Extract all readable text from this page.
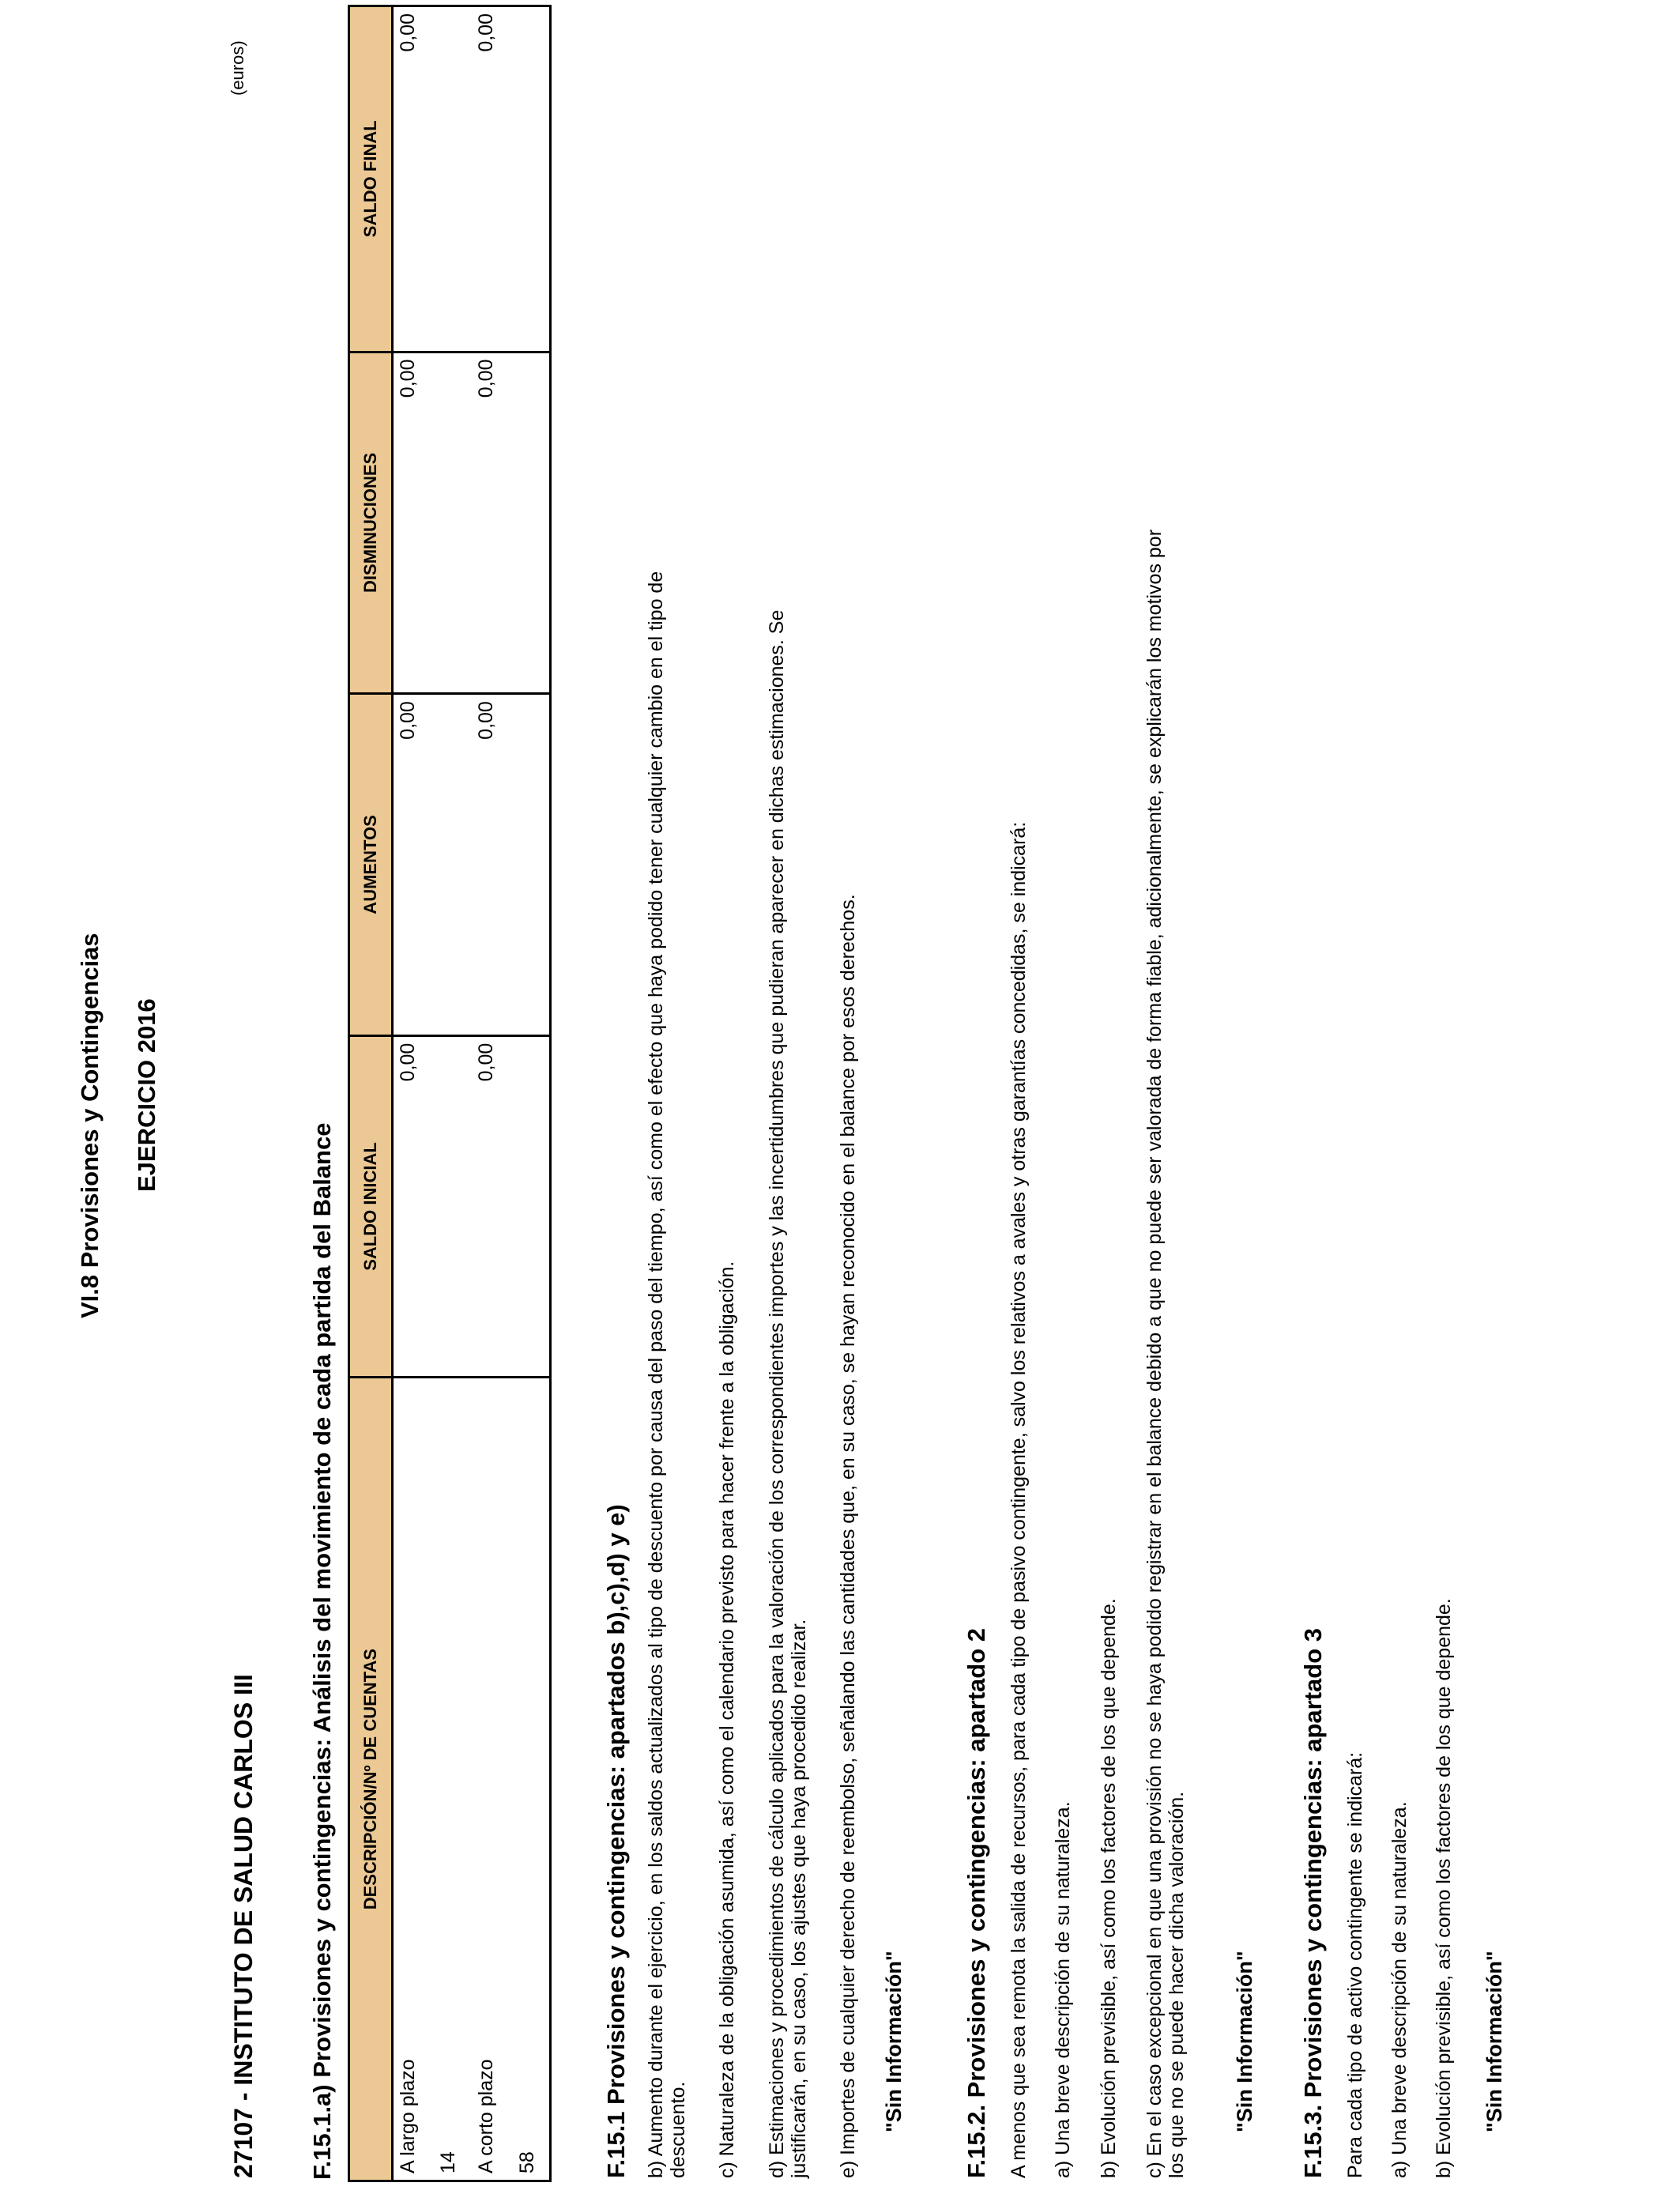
VI.8 Provisiones y Contingencias EJERCICIO 2016
(euros)
27107 - INSTITUTO DE SALUD CARLOS III F.15.1.a) Provisiones y contingencias: Análisis del movimiento de cada partida del Balance DESCRIPCIÓN/Nº DE CUENTAS	SALDO INICIAL	AUMENTOS	DISMINUCIONES	SALDO FINAL
A largo plazo	0,00	0,00	0,00	0,00
14				
A corto plazo	0,00	0,00	0,00	0,00
58					F.15.1 Provisiones y contingencias: apartados b),c),d) y e) b) Aumento durante el ejercicio, en los saldos actualizados al tipo de descuento por causa del paso del tiempo, así como el efecto que haya podido tener cualquier cambio en el tipo de descuento. c) Naturaleza de la obligación asumida, así como el calendario previsto para hacer frente a la obligación. d) Estimaciones y procedimientos de cálculo aplicados para la valoración de los correspondientes importes y las incertidumbres que pudieran aparecer en dichas estimaciones. Se justificarán, en su caso, los ajustes que haya procedido realizar. e) Importes de cualquier derecho de reembolso, señalando las cantidades que, en su caso, se hayan reconocido en el balance por esos derechos. "Sin Información" F.15.2. Provisiones y contingencias: apartado 2 A menos que sea remota la salida de recursos, para cada tipo de pasivo contingente, salvo los relativos a avales y otras garantías concedidas, se indicará: a) Una breve descripción de su naturaleza. b) Evolución previsible, así como los factores de los que depende. c) En el caso excepcional en que una provisión no se haya podido registrar en el balance debido a que no puede ser valorada de forma fiable, adicionalmente, se explicarán los motivos por los que no se puede hacer dicha valoración. "Sin Información" F.15.3. Provisiones y contingencias: apartado 3 Para cada tipo de activo contingente se indicará: a) Una breve descripción de su naturaleza. b) Evolución previsible, así como los factores de los que depende. "Sin Información"
